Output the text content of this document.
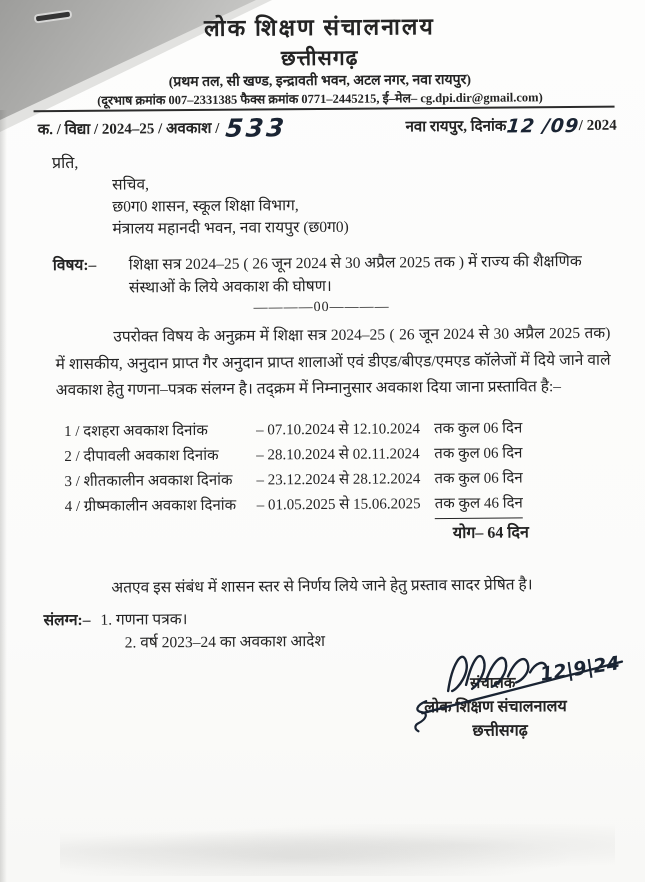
लोक शिक्षण संचालनालय
छत्तीसगढ़
(प्रथम तल, सी खण्ड, इन्द्रावती भवन, अटल नगर, नवा रायपुर)
(दूरभाष क्रमांक 007–2331385 फैक्स क्रमांक 0771–2445215, ई–मेल– cg.dpi.dir@gmail.com)
क. / विद्या / 2024–25 / अवकाश / 533	नवा रायपुर, दिनांक12 /09/ 2024
प्रति,
सचिव,
छ0ग0 शासन, स्कूल शिक्षा विभाग,
मंत्रालय महानदी भवन, नवा रायपुर (छ0ग0)
विषय:–	शिक्षा सत्र 2024–25 ( 26 जून 2024 से 30 अप्रैल 2025 तक ) में राज्य की शैक्षणिक संस्थाओं के लिये अवकाश की घोषण।
————00————

उपरोक्त विषय के अनुक्रम में शिक्षा सत्र 2024–25 ( 26 जून 2024 से 30 अप्रैल 2025 तक) में शासकीय, अनुदान प्राप्त गैर अनुदान प्राप्त शालाओं एवं डीएड/बीएड/एमएड कॉलेजों में दिये जाने वाले अवकाश हेतु गणना–पत्रक संलग्न है। तद्क्रम में निम्नानुसार अवकाश दिया जाना प्रस्तावित है:–

1 / दशहरा अवकाश दिनांक	– 07.10.2024 से 12.10.2024 तक कुल 06 दिन
2 / दीपावली अवकाश दिनांक	– 28.10.2024 से 02.11.2024 तक कुल 06 दिन
3 / शीतकालीन अवकाश दिनांक	– 23.12.2024 से 28.12.2024 तक कुल 06 दिन
4 / ग्रीष्मकालीन अवकाश दिनांक	– 01.05.2025 से 15.06.2025 तक कुल 46 दिन
योग– 64 दिन

अतएव इस संबंध में शासन स्तर से निर्णय लिये जाने हेतु प्रस्ताव सादर प्रेषित है।

संलग्न:– 1. गणना पत्रक।
2. वर्ष 2023–24 का अवकाश आदेश
12|9|24
संचालक
लोक शिक्षण संचालनालय
छत्तीसगढ़
